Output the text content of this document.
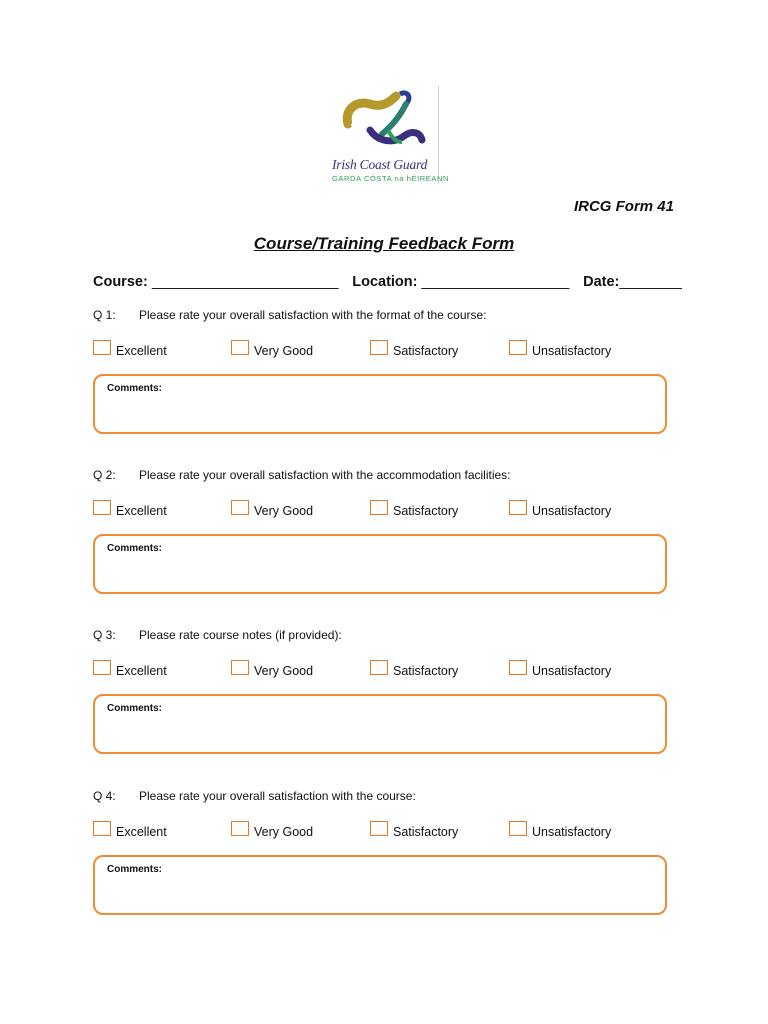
Irish Coast Guard
GARDA CÓSTA na hÉIREANN
IRCG Form 41
Course/Training Feedback Form
Course: ________________________ Location: ___________________ Date:________
Q 1: Please rate your overall satisfaction with the format of the course:
Excellent	Very Good	Satisfactory	Unsatisfactory
Comments:
Q 2: Please rate your overall satisfaction with the accommodation facilities:
Excellent	Very Good	Satisfactory	Unsatisfactory
Comments:
Q 3: Please rate course notes (if provided):
Excellent	Very Good	Satisfactory	Unsatisfactory
Comments:
Q 4: Please rate your overall satisfaction with the course:
Excellent	Very Good	Satisfactory	Unsatisfactory
Comments:
